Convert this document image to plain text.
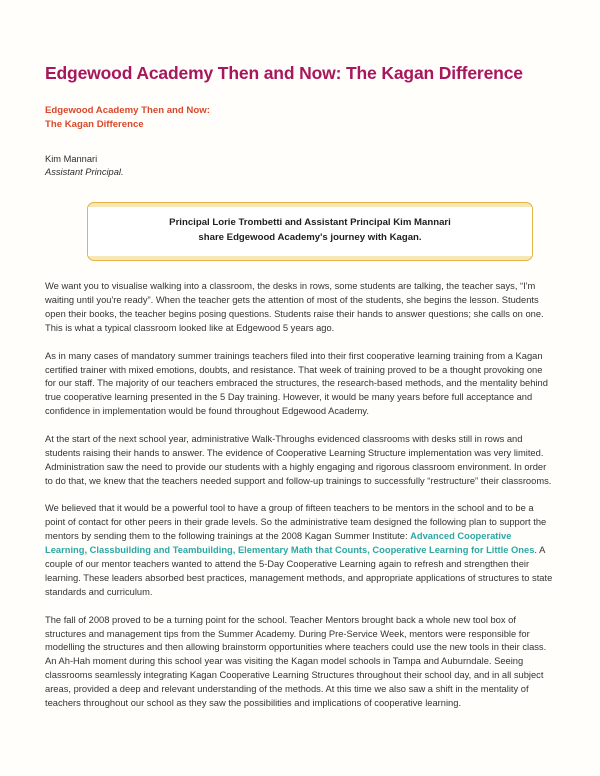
Edgewood Academy Then and Now: The Kagan Difference
Edgewood Academy Then and Now:
The Kagan Difference
Kim Mannari
Assistant Principal.

Principal Lorie Trombetti and Assistant Principal Kim Mannari

share Edgewood Academy's journey with Kagan.

We want you to visualise walking into a classroom, the desks in rows, some students are talking, the teacher says, “I'm waiting until you're ready”. When the teacher gets the attention of most of the students, she begins the lesson. Students open their books, the teacher begins posing questions. Students raise their hands to answer questions; she calls on one. This is what a typical classroom looked like at Edgewood 5 years ago.

As in many cases of mandatory summer trainings teachers filed into their first cooperative learning training from a Kagan certified trainer with mixed emotions, doubts, and resistance. That week of training proved to be a thought provoking one for our staff. The majority of our teachers embraced the structures, the research-based methods, and the mentality behind true cooperative learning presented in the 5 Day training. However, it would be many years before full acceptance and confidence in implementation would be found throughout Edgewood Academy.

At the start of the next school year, administrative Walk-Throughs evidenced classrooms with desks still in rows and students raising their hands to answer. The evidence of Cooperative Learning Structure implementation was very limited. Administration saw the need to provide our students with a highly engaging and rigorous classroom environment. In order to do that, we knew that the teachers needed support and follow-up trainings to successfully “restructure” their classrooms.

We believed that it would be a powerful tool to have a group of fifteen teachers to be mentors in the school and to be a point of contact for other peers in their grade levels. So the administrative team designed the following plan to support the mentors by sending them to the following trainings at the 2008 Kagan Summer Institute: Advanced Cooperative Learning, Classbuilding and Teambuilding, Elementary Math that Counts, Cooperative Learning for Little Ones. A couple of our mentor teachers wanted to attend the 5-Day Cooperative Learning again to refresh and strengthen their learning. These leaders absorbed best practices, management methods, and appropriate applications of structures to state standards and curriculum.

The fall of 2008 proved to be a turning point for the school. Teacher Mentors brought back a whole new tool box of structures and management tips from the Summer Academy. During Pre-Service Week, mentors were responsible for modelling the structures and then allowing brainstorm opportunities where teachers could use the new tools in their class. An Ah-Hah moment during this school year was visiting the Kagan model schools in Tampa and Auburndale. Seeing classrooms seamlessly integrating Kagan Cooperative Learning Structures throughout their school day, and in all subject areas, provided a deep and relevant understanding of the methods. At this time we also saw a shift in the mentality of teachers throughout our school as they saw the possibilities and implications of cooperative learning.
